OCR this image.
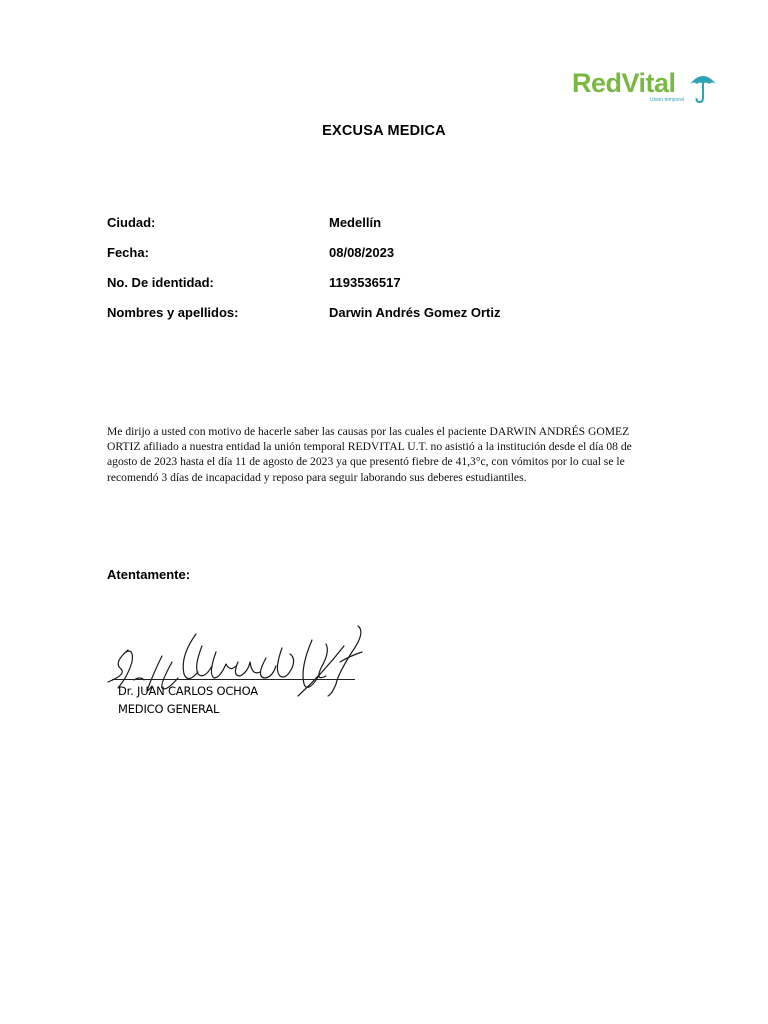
RedVital
Union temporal
EXCUSA MEDICA
Ciudad:	Medellín
Fecha:	08/08/2023
No. De identidad:	1193536517
Nombres y apellidos:	Darwin Andrés Gomez Ortiz
Me dirijo a usted con motivo de hacerle saber las causas por las cuales el paciente DARWIN ANDRÉS GOMEZ ORTIZ afiliado a nuestra entidad la unión temporal REDVITAL U.T. no asistió a la institución desde el día 08 de agosto de 2023 hasta el día 11 de agosto de 2023 ya que presentó fiebre de 41,3°c, con vómitos por lo cual se le recomendó 3 días de incapacidad y reposo para seguir laborando sus deberes estudiantiles.
Atentamente:
Dr. JUAN CARLOS OCHOA
MEDICO GENERAL
